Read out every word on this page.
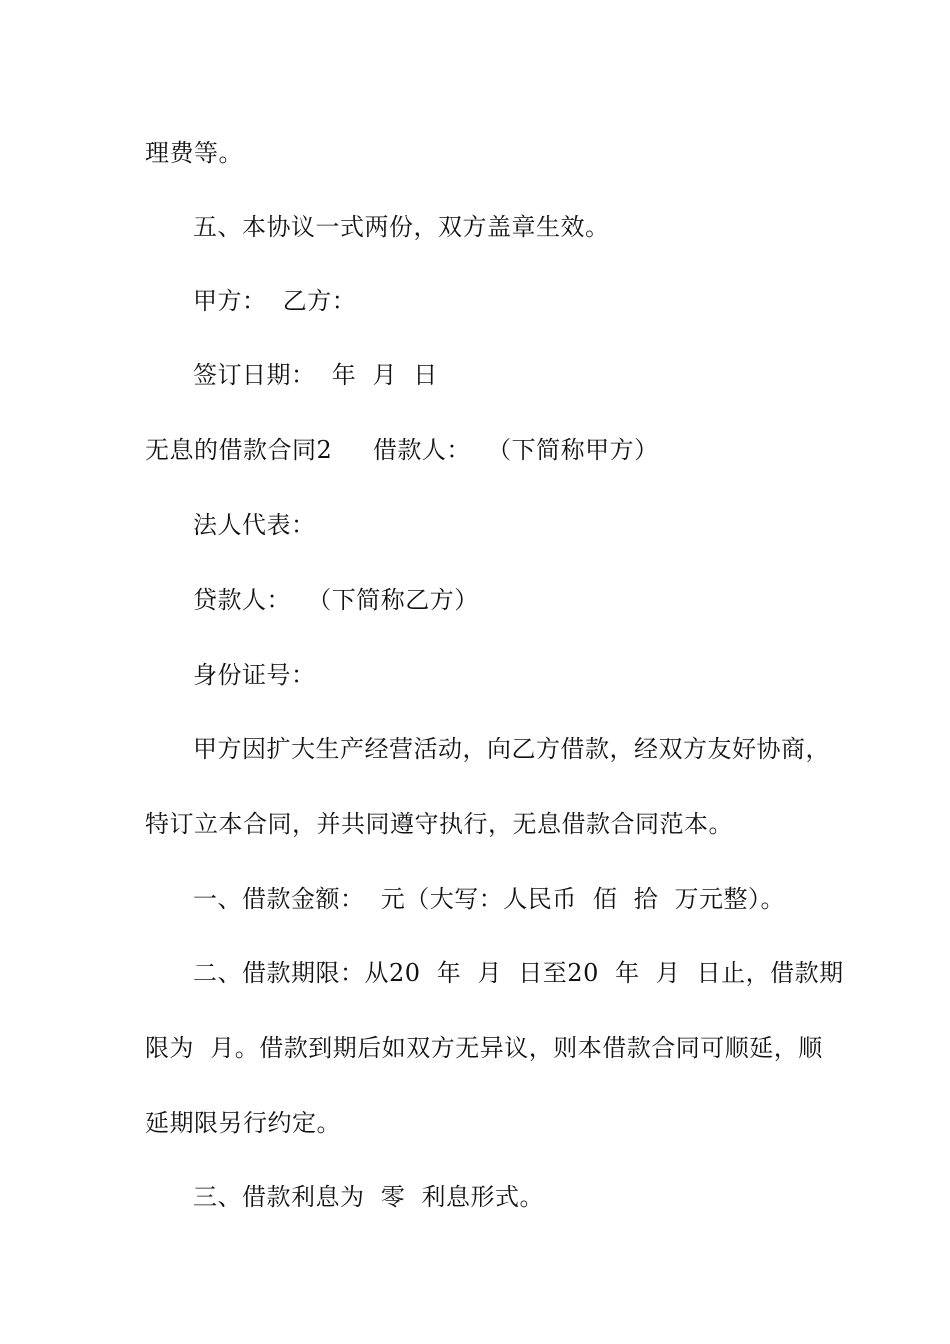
理费等。
五、本协议一式两份，双方盖章生效。
甲方：  乙方：
签订日期：  年  月  日
无息的借款合同2     借款人：  （下简称甲方）
法人代表：
贷款人：  （下简称乙方）
身份证号：
甲方因扩大生产经营活动，向乙方借款，经双方友好协商，
特订立本合同，并共同遵守执行，无息借款合同范本。
一、借款金额：  元（大写：人民币  佰  拾  万元整）。
二、借款期限：从20  年  月  日至20  年  月  日止，借款期
限为  月。借款到期后如双方无异议，则本借款合同可顺延，顺
延期限另行约定。
三、借款利息为  零  利息形式。
